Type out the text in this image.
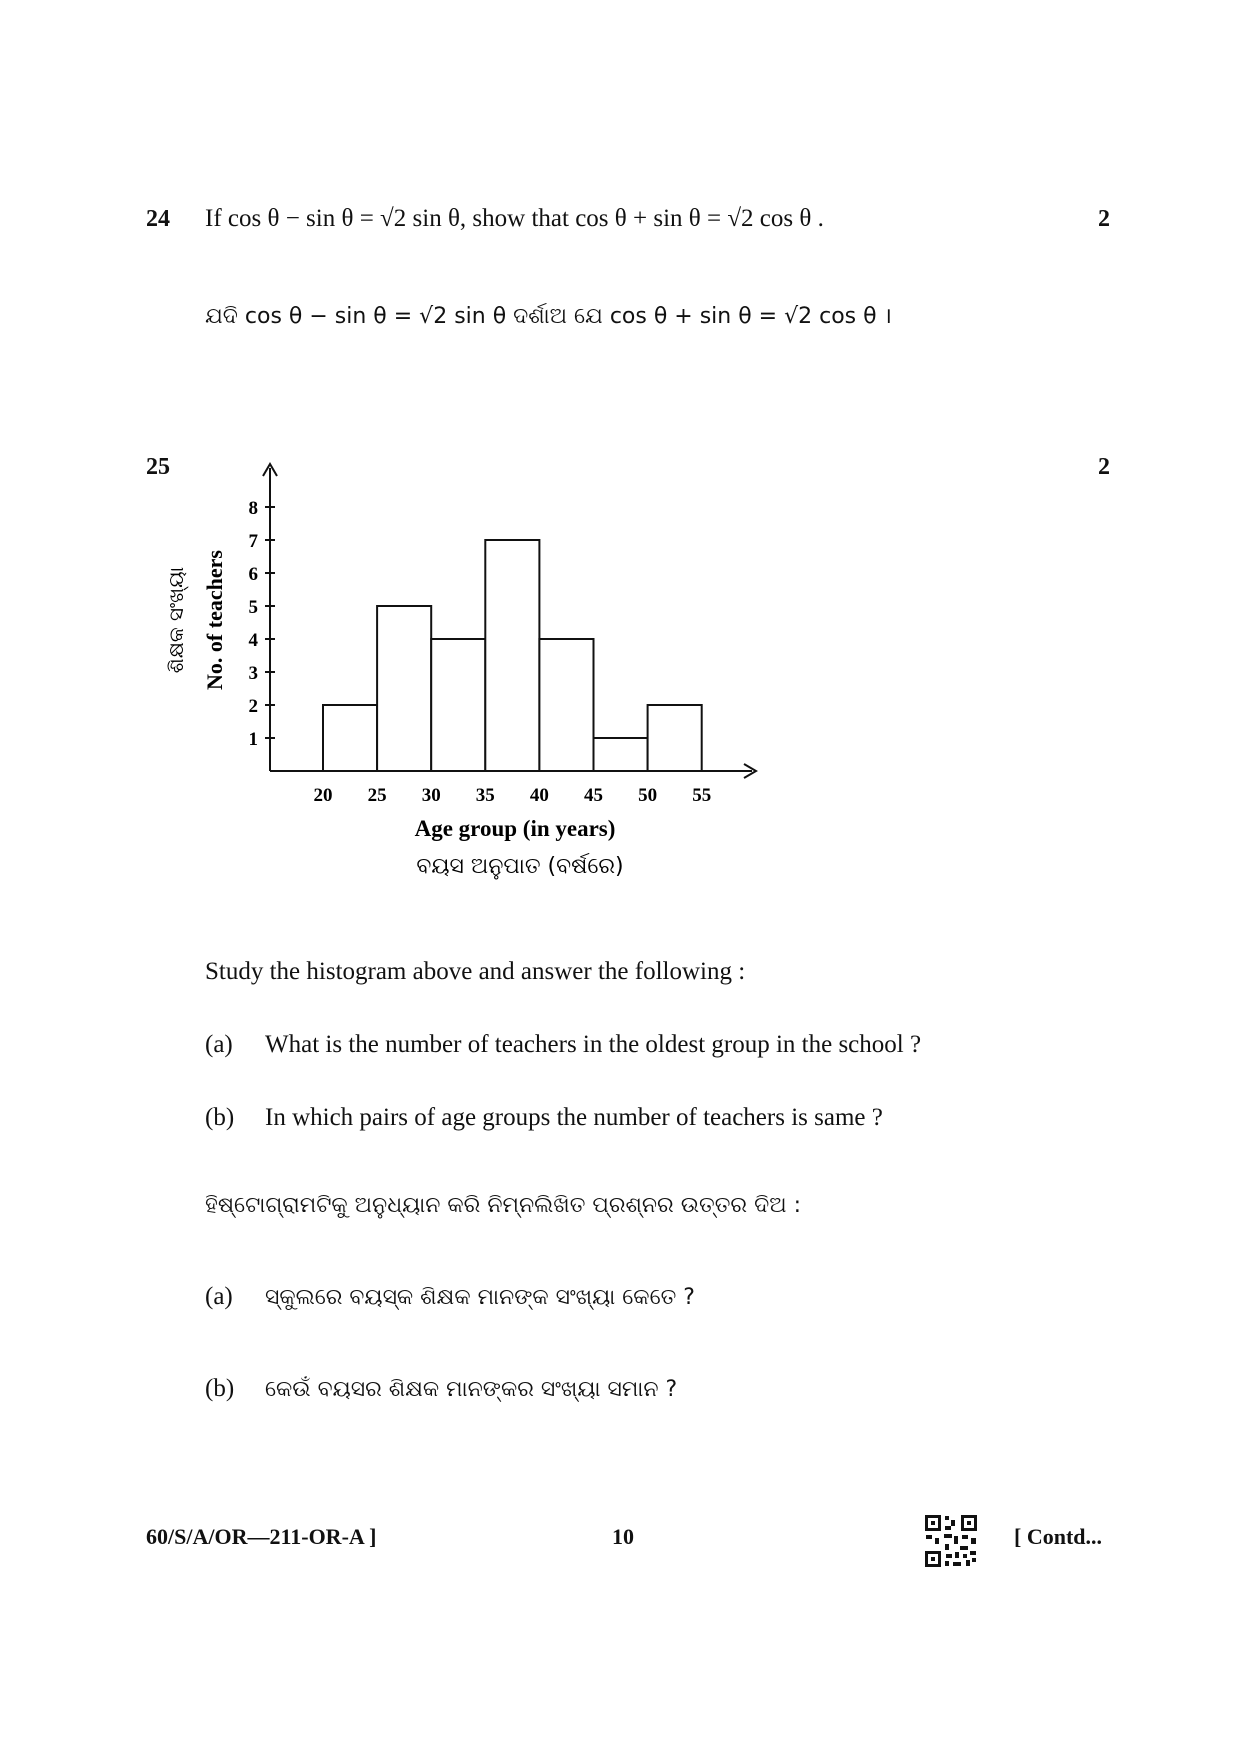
24 If cos θ − sin θ = √2 sin θ, show that cos θ + sin θ = √2 cos θ .	2
ଯଦି cos θ − sin θ = √2 sin θ ଦର୍ଶାଅ ଯେ cos θ + sin θ = √2 cos θ ।
25	2
20 25 30 35 40 45 50 55
1
2
3
4
5
6
7
8
Age group (in years)
ବୟସ ଅନୁପାତ (ବର୍ଷରେ)
No. of teachers
ଶିକ୍ଷକ ସଂଖ୍ୟା
Study the histogram above and answer the following :
(a) What is the number of teachers in the oldest group in the school ?
(b) In which pairs of age groups the number of teachers is same ?
ହିଷ୍ଟୋଗ୍ରାମଟିକୁ ଅନୁଧ୍ୟାନ କରି ନିମ୍ନଲିଖିତ ପ୍ରଶ୍ନର ଉତ୍ତର ଦିଅ :
(a) ସ୍କୁଲରେ ବୟସ୍କ ଶିକ୍ଷକ ମାନଙ୍କ ସଂଖ୍ୟା କେତେ ?
(b) କେଉଁ ବୟସର ଶିକ୍ଷକ ମାନଙ୍କର ସଂଖ୍ୟା ସମାନ ?
60/S/A/OR—211-OR-A ]	10	[ Contd...
